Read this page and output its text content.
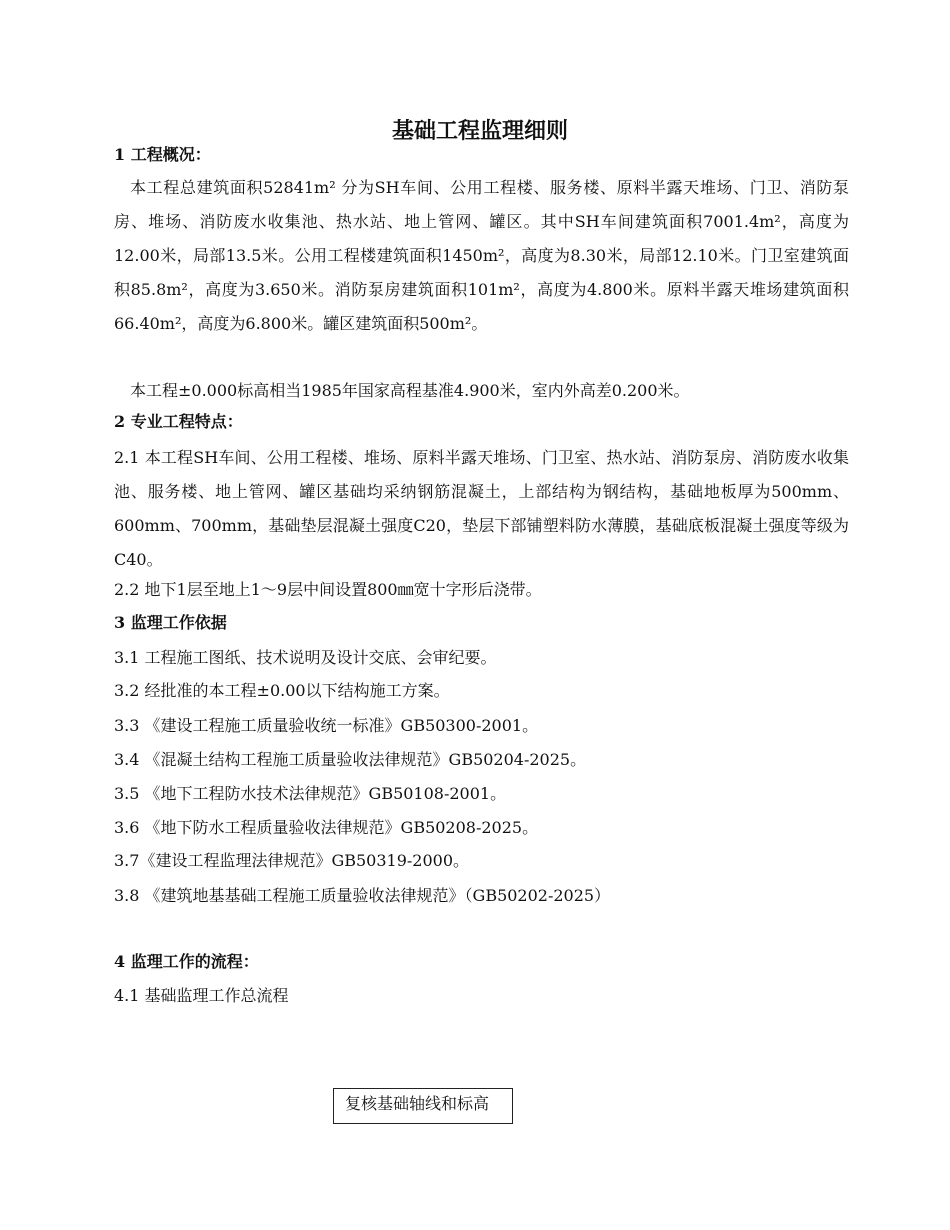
基础工程监理细则

1 工程概况：

本工程总建筑面积52841m² 分为SH车间、公用工程楼、服务楼、原料半露天堆场、门卫、消防泵房、堆场、消防废水收集池、热水站、地上管网、罐区。其中SH车间建筑面积7001.4m²，高度为12.00米，局部13.5米。公用工程楼建筑面积1450m²，高度为8.30米，局部12.10米。门卫室建筑面积85.8m²，高度为3.650米。消防泵房建筑面积101m²，高度为4.800米。原料半露天堆场建筑面积66.40m²，高度为6.800米。罐区建筑面积500m²。

本工程±0.000标高相当1985年国家高程基准4.900米，室内外高差0.200米。

2 专业工程特点：

2.1 本工程SH车间、公用工程楼、堆场、原料半露天堆场、门卫室、热水站、消防泵房、消防废水收集池、服务楼、地上管网、罐区基础均采纳钢筋混凝土，上部结构为钢结构，基础地板厚为500mm、600mm、700mm，基础垫层混凝土强度C20，垫层下部铺塑料防水薄膜，基础底板混凝土强度等级为C40。

2.2 地下1层至地上1～9层中间设置800㎜宽十字形后浇带。

3 监理工作依据

3.1 工程施工图纸、技术说明及设计交底、会审纪要。

3.2 经批准的本工程±0.00以下结构施工方案。

3.3 《建设工程施工质量验收统一标准》GB50300-2001。

3.4 《混凝土结构工程施工质量验收法律规范》GB50204-2025。

3.5 《地下工程防水技术法律规范》GB50108-2001。

3.6 《地下防水工程质量验收法律规范》GB50208-2025。

3.7《建设工程监理法律规范》GB50319-2000。

3.8 《建筑地基基础工程施工质量验收法律规范》（GB50202-2025）

4 监理工作的流程：

4.1 基础监理工作总流程

复核基础轴线和标高
